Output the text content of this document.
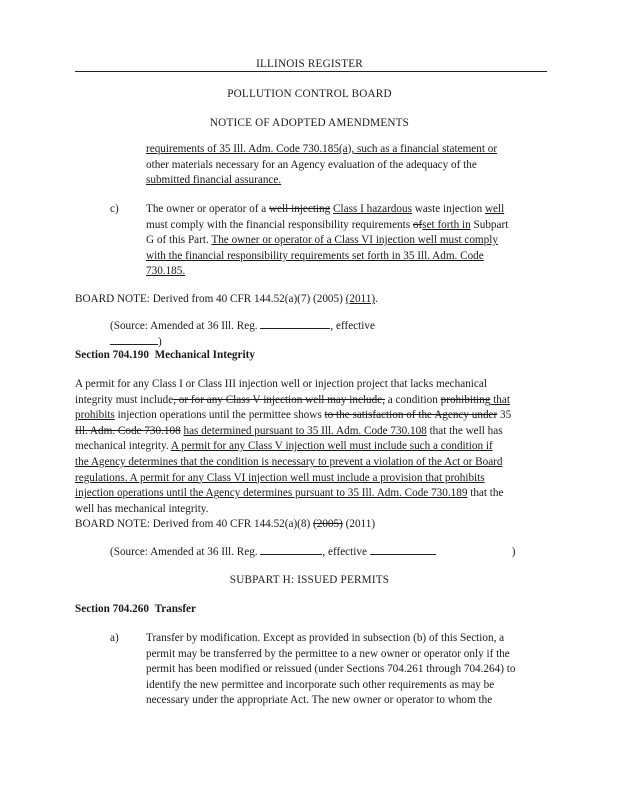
ILLINOIS REGISTER
POLLUTION CONTROL BOARD
NOTICE OF ADOPTED AMENDMENTS

requirements of 35 Ill. Adm. Code 730.185(a), such as a financial statement or

other materials necessary for an Agency evaluation of the adequacy of the

submitted financial assurance.

c) The owner or operator of a well injecting Class I hazardous waste injection well

must comply with the financial responsibility requirements ofset forth in Subpart

G of this Part. The owner or operator of a Class VI injection well must comply

with the financial responsibility requirements set forth in 35 Ill. Adm. Code

730.185.

BOARD NOTE: Derived from 40 CFR 144.52(a)(7) (2005) (2011).
(Source: Amended at 36 Ill. Reg.	, effective )
Section 704.190 Mechanical Integrity

A permit for any Class I or Class III injection well or injection project that lacks mechanical

integrity must include, or for any Class V injection well may include, a condition prohibiting that

prohibits injection operations until the permittee shows to the satisfaction of the Agency under 35

Ill. Adm. Code 730.108 has determined pursuant to 35 Ill. Adm. Code 730.108 that the well has

mechanical integrity. A permit for any Class V injection well must include such a condition if

the Agency determines that the condition is necessary to prevent a violation of the Act or Board

regulations. A permit for any Class VI injection well must include a provision that prohibits

injection operations until the Agency determines pursuant to 35 Ill. Adm. Code 730.189 that the

well has mechanical integrity.

BOARD NOTE: Derived from 40 CFR 144.52(a)(8) (2005) (2011)
(Source: Amended at 36 Ill. Reg.	, effective	)
SUBPART H: ISSUED PERMITS
Section 704.260 Transfer
a) Transfer by modification. Except as provided in subsection (b) of this Section, a

permit may be transferred by the permittee to a new owner or operator only if the

permit has been modified or reissued (under Sections 704.261 through 704.264) to

identify the new permittee and incorporate such other requirements as may be

necessary under the appropriate Act. The new owner or operator to whom the
